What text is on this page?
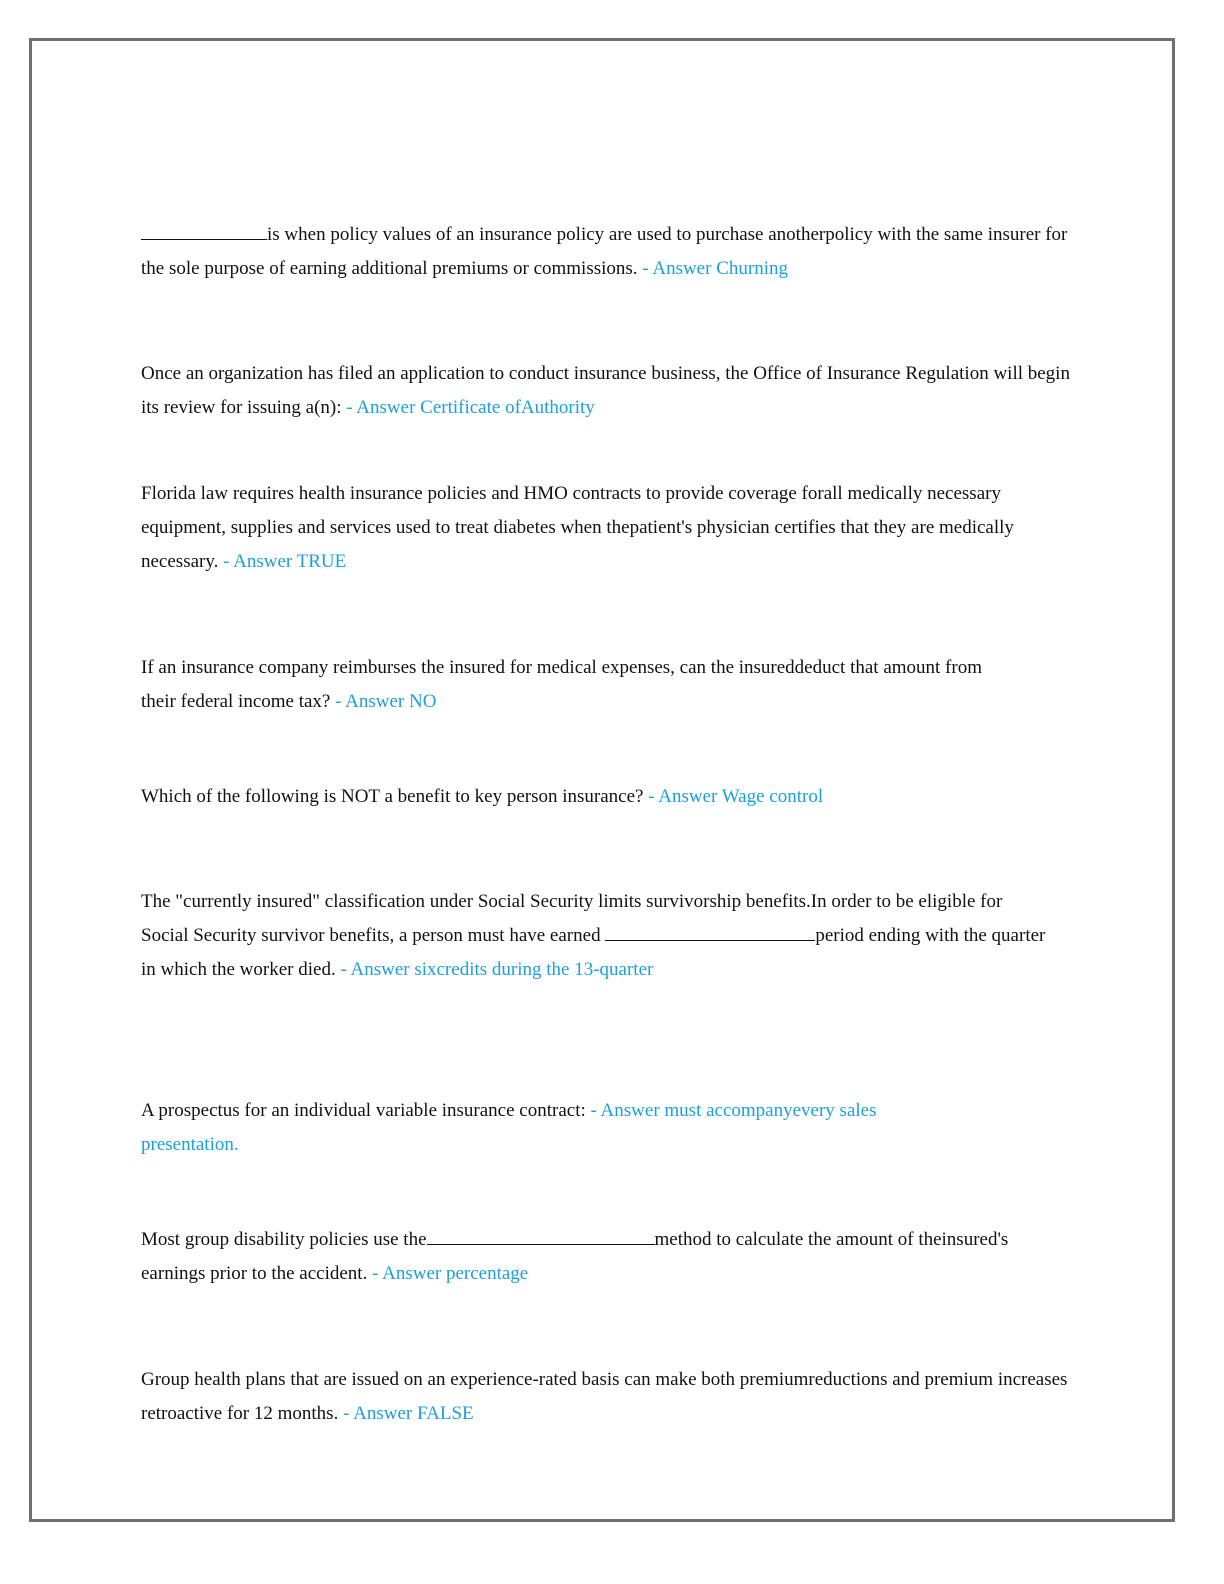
is when policy values of an insurance policy are used to purchase anotherpolicy with the same insurer for the sole purpose of earning additional premiums or commissions. - Answer Churning

Once an organization has filed an application to conduct insurance business, the Office of Insurance Regulation will begin its review for issuing a(n): - Answer Certificate ofAuthority

Florida law requires health insurance policies and HMO contracts to provide coverage forall medically necessary equipment, supplies and services used to treat diabetes when thepatient's physician certifies that they are medically necessary. - Answer TRUE

If an insurance company reimburses the insured for medical expenses, can the insureddeduct that amount from their federal income tax? - Answer NO

Which of the following is NOT a benefit to key person insurance? - Answer Wage control

The "currently insured" classification under Social Security limits survivorship benefits.In order to be eligible for Social Security survivor benefits, a person must have earned	period ending with the quarter in which the worker died. - Answer sixcredits during the 13-quarter

A prospectus for an individual variable insurance contract: - Answer must accompanyevery sales presentation.

Most group disability policies use the	method to calculate the amount of theinsured's earnings prior to the accident. - Answer percentage

Group health plans that are issued on an experience-rated basis can make both premiumreductions and premium increases retroactive for 12 months. - Answer FALSE
